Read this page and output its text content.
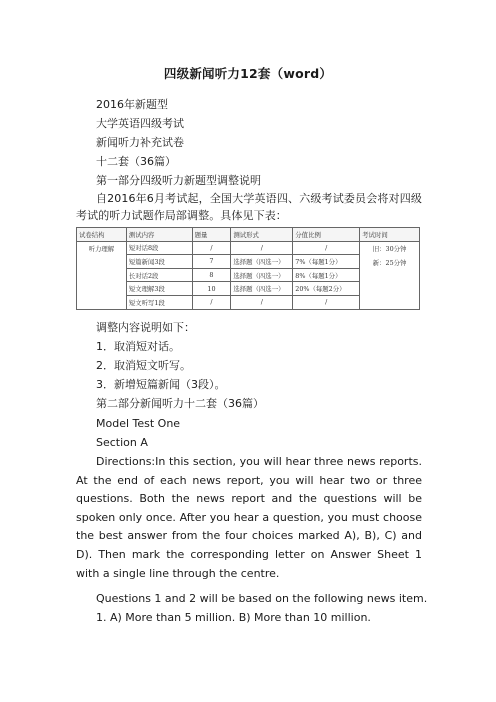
四级新闻听力12套（word）
2016年新题型
大学英语四级考试
新闻听力补充试卷
十二套（36篇）
第一部分四级听力新题型调整说明
自2016年6月考试起，全国大学英语四、六级考试委员会将对四级考试的听力试题作局部调整。具体见下表：
试卷结构	测试内容	题量	测试形式	分值比例	考试时间
听力理解	短对话8段	/	/	/	旧：30分钟
新：25分钟

	短篇新闻3段	7	选择题（四选一）	7%（每题1分）	
	长对话2段	8	选择题（四选一）	8%（每题1分）	
	短文理解3段	10	选择题（四选一）	20%（每题2分）	
	短文听写1段	/	/	/	
调整内容说明如下：
1．取消短对话。
2．取消短文听写。
3．新增短篇新闻（3段）。
第二部分新闻听力十二套（36篇）
Model Test One
Section A
Directions:In this section, you will hear three news reports. At the end of each news report, you will hear two or three questions. Both the news report and the questions will be spoken only once. After you hear a question, you must choose the best answer from the four choices marked A), B), C) and D). Then mark the corresponding letter on Answer Sheet 1 with a single line through the centre.
Questions 1 and 2 will be based on the following news item.
1. A) More than 5 million. B) More than 10 million.
